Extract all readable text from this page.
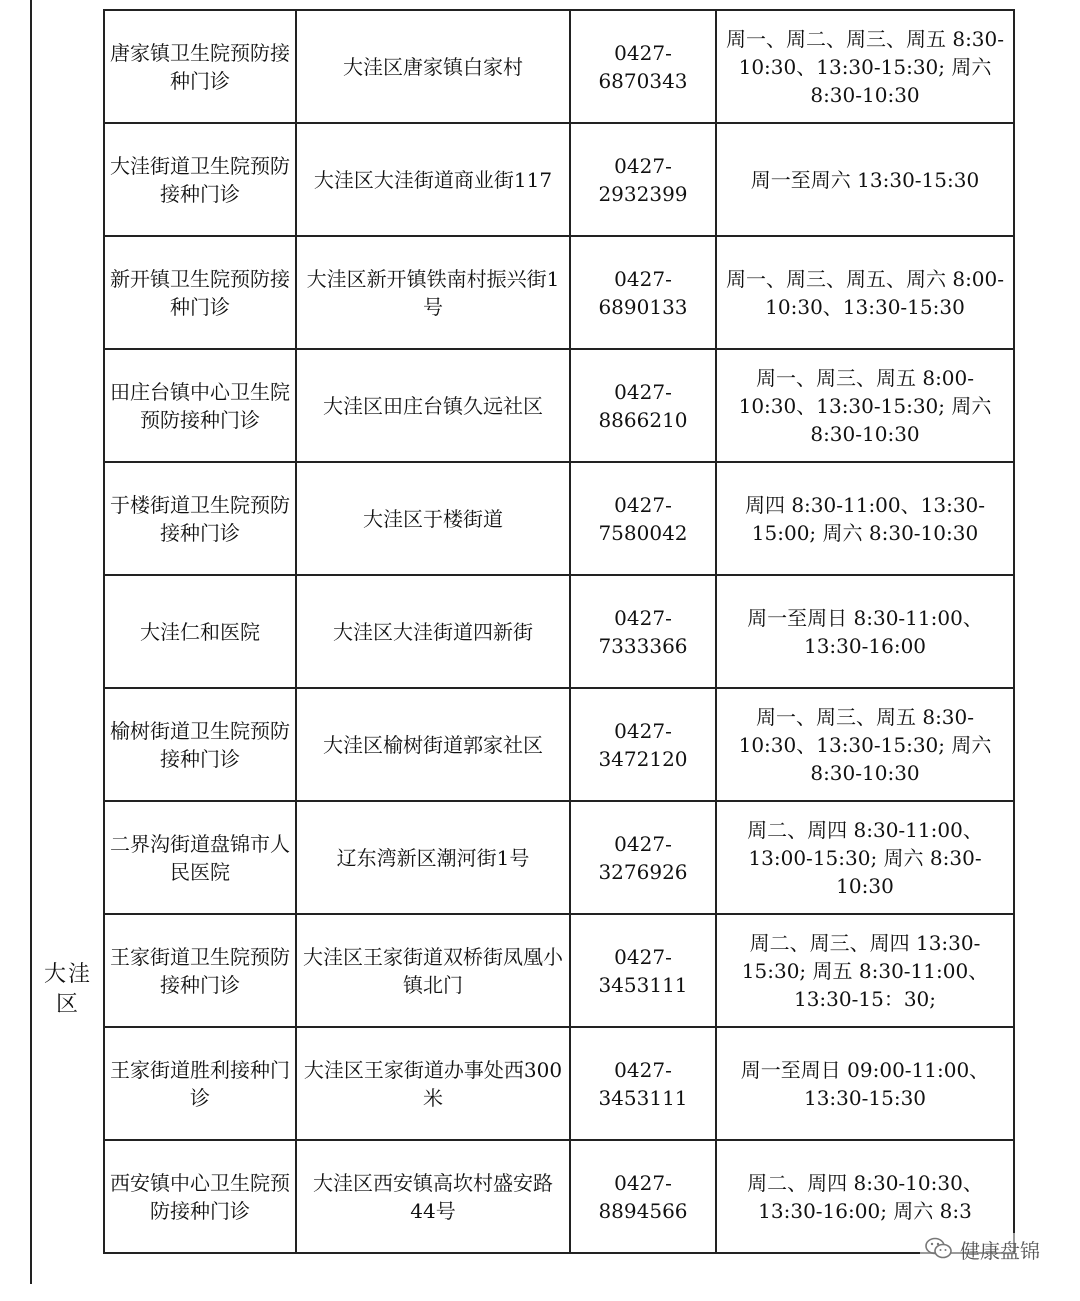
大洼
区
唐家镇卫生院预防接种门诊	大洼区唐家镇白家村	0427-6870343	周一、周二、周三、周五 8:30-10:30、13:30-15:30; 周六 8:30-10:30
大洼街道卫生院预防接种门诊	大洼区大洼街道商业街117	0427-2932399	周一至周六 13:30-15:30
新开镇卫生院预防接种门诊	大洼区新开镇铁南村振兴街1号	0427-6890133	周一、周三、周五、周六 8:00-10:30、13:30-15:30
田庄台镇中心卫生院预防接种门诊	大洼区田庄台镇久远社区	0427-8866210	周一、周三、周五 8:00-10:30、13:30-15:30; 周六 8:30-10:30
于楼街道卫生院预防接种门诊	大洼区于楼街道	0427-7580042	周四 8:30-11:00、13:30-15:00; 周六 8:30-10:30
大洼仁和医院	大洼区大洼街道四新街	0427-7333366	周一至周日 8:30-11:00、13:30-16:00
榆树街道卫生院预防接种门诊	大洼区榆树街道郭家社区	0427-3472120	周一、周三、周五 8:30-10:30、13:30-15:30; 周六 8:30-10:30
二界沟街道盘锦市人民医院	辽东湾新区潮河街1号	0427-3276926	周二、周四 8:30-11:00、13:00-15:30; 周六 8:30-10:30
王家街道卫生院预防接种门诊	大洼区王家街道双桥街凤凰小镇北门	0427-3453111	周二、周三、周四 13:30-15:30; 周五 8:30-11:00、13:30-15：30;
王家街道胜利接种门诊	大洼区王家街道办事处西300米	0427-3453111	周一至周日 09:00-11:00、13:30-15:30
西安镇中心卫生院预防接种门诊	大洼区西安镇高坎村盛安路44号	0427-8894566	周二、周四 8:30-10:30、13:30-16:00; 周六 8:3
健康盘锦
